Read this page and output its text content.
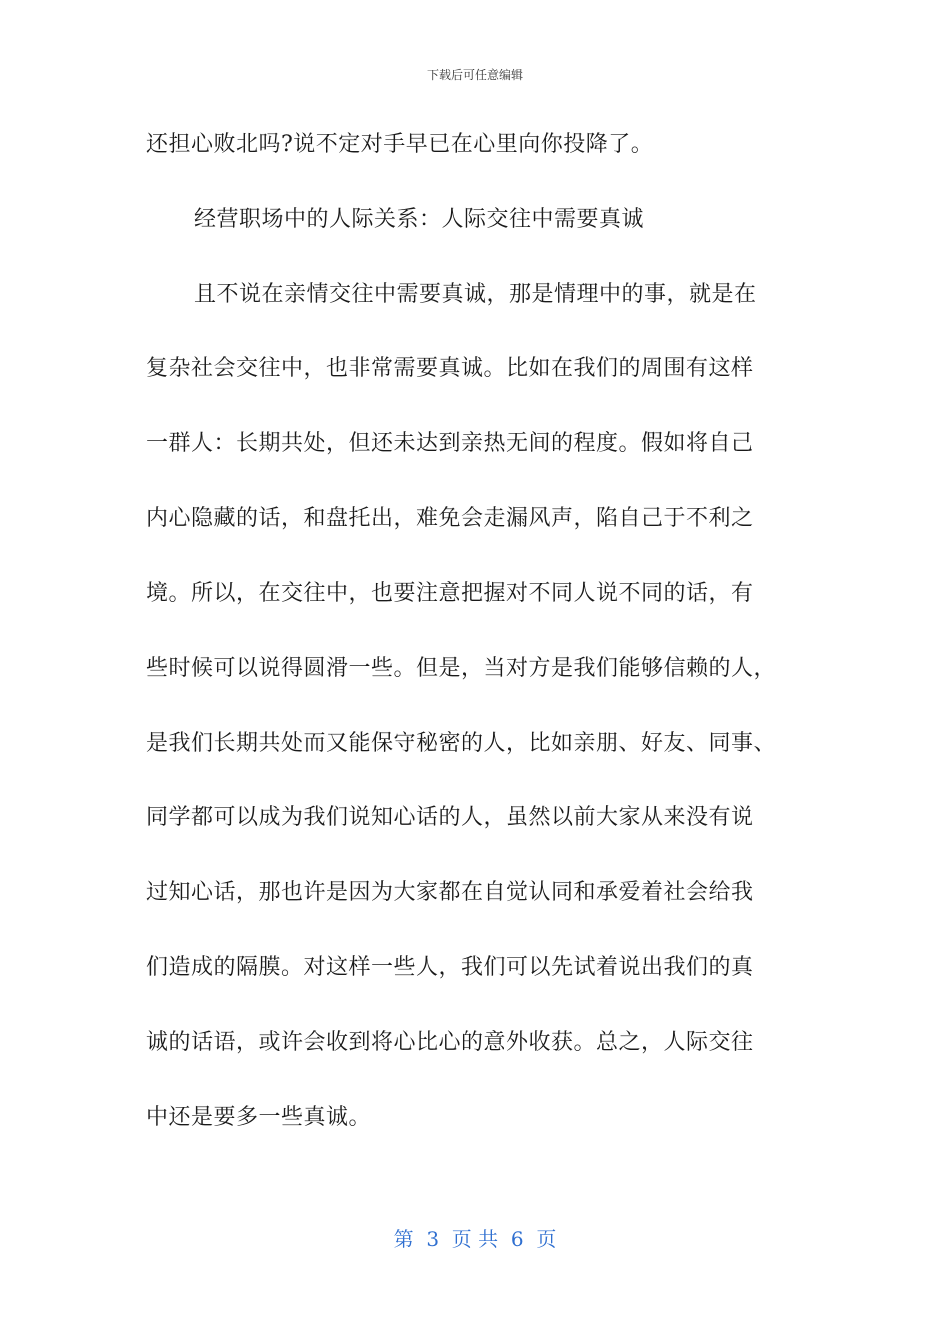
下载后可任意编辑
还担心败北吗?说不定对手早已在心里向你投降了。
经营职场中的人际关系：人际交往中需要真诚
且不说在亲情交往中需要真诚，那是情理中的事，就是在
复杂社会交往中，也非常需要真诚。比如在我们的周围有这样
一群人：长期共处，但还未达到亲热无间的程度。假如将自己
内心隐藏的话，和盘托出，难免会走漏风声，陷自己于不利之
境。所以，在交往中，也要注意把握对不同人说不同的话，有
些时候可以说得圆滑一些。但是，当对方是我们能够信赖的人，
是我们长期共处而又能保守秘密的人，比如亲朋、好友、同事、
同学都可以成为我们说知心话的人，虽然以前大家从来没有说
过知心话，那也许是因为大家都在自觉认同和承爱着社会给我
们造成的隔膜。对这样一些人，我们可以先试着说出我们的真
诚的话语，或许会收到将心比心的意外收获。总之，人际交往
中还是要多一些真诚。
第  3  页 共  6  页
